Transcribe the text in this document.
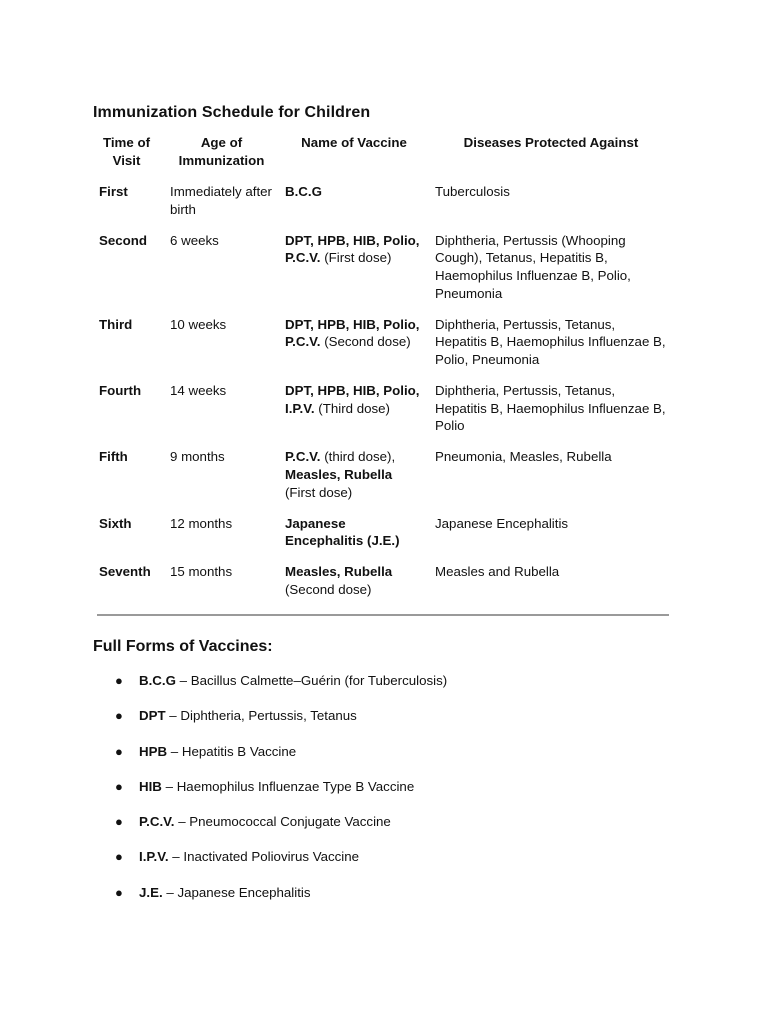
Immunization Schedule for Children
Time of Visit	Age of Immunization	Name of Vaccine	Diseases Protected Against
First	Immediately after birth	B.C.G	Tuberculosis
Second	6 weeks	DPT, HPB, HIB, Polio, P.C.V. (First dose)	Diphtheria, Pertussis (Whooping Cough), Tetanus, Hepatitis B, Haemophilus Influenzae B, Polio, Pneumonia
Third	10 weeks	DPT, HPB, HIB, Polio, P.C.V. (Second dose)	Diphtheria, Pertussis, Tetanus, Hepatitis B, Haemophilus Influenzae B, Polio, Pneumonia
Fourth	14 weeks	DPT, HPB, HIB, Polio, I.P.V. (Third dose)	Diphtheria, Pertussis, Tetanus, Hepatitis B, Haemophilus Influenzae B, Polio
Fifth	9 months	P.C.V. (third dose), Measles, Rubella (First dose)	Pneumonia, Measles, Rubella
Sixth	12 months	Japanese Encephalitis (J.E.)	Japanese Encephalitis
Seventh	15 months	Measles, Rubella (Second dose)	Measles and Rubella
Full Forms of Vaccines:
● B.C.G – Bacillus Calmette–Guérin (for Tuberculosis)
● DPT – Diphtheria, Pertussis, Tetanus
● HPB – Hepatitis B Vaccine
● HIB – Haemophilus Influenzae Type B Vaccine
● P.C.V. – Pneumococcal Conjugate Vaccine
● I.P.V. – Inactivated Poliovirus Vaccine
● J.E. – Japanese Encephalitis
